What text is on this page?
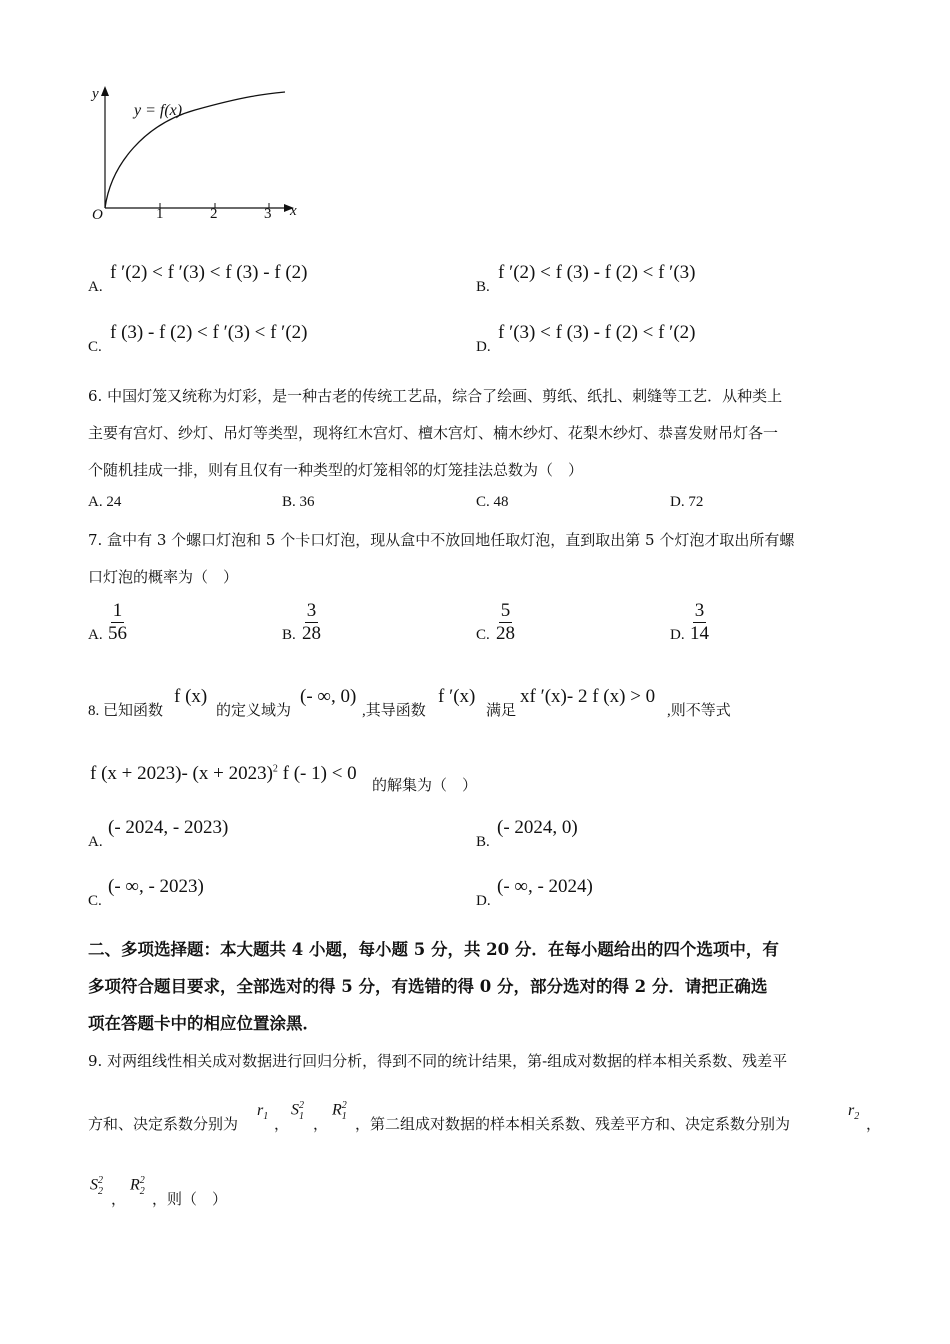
y
x
O
y = f(x)
1	2	3
A.
f ′(2) < f ′(3) < f (3) - f (2)
B.
f ′(2) < f (3) - f (2) < f ′(3)
C.
f (3) - f (2) < f ′(3) < f ′(2)
D.
f ′(3) < f (3) - f (2) < f ′(2)
6. 中国灯笼又统称为灯彩，是一种古老的传统工艺品，综合了绘画、剪纸、纸扎、刺缝等工艺．从种类上
主要有宫灯、纱灯、吊灯等类型，现将红木宫灯、檀木宫灯、楠木纱灯、花梨木纱灯、恭喜发财吊灯各一
个随机挂成一排，则有且仅有一种类型的灯笼相邻的灯笼挂法总数为（　）
A. 24	B. 36	C. 48	D. 72
7. 盒中有 3 个螺口灯泡和 5 个卡口灯泡，现从盒中不放回地任取灯泡，直到取出第 5 个灯泡才取出所有螺
口灯泡的概率为（　）
A. $\frac{1}{56}$	B. $\frac{3}{28}$	C. $\frac{5}{28}$	D. $\frac{3}{14}$
8. 已知函数
f (x)
的定义域为
(- ∞, 0)
,其导函数
f ′(x)
满足
xf ′(x)- 2 f (x) > 0
,则不等式
f (x + 2023)- $(x + 2023)^2$ f (- 1) < 0
的解集为（　）
A.
(- 2024, - 2023)
B.
(- 2024, 0)
C.
(- ∞, - 2023)
D.
(- ∞, - 2024)
二、多项选择题：本大题共 4 小题，每小题 5 分，共 20 分．在每小题给出的四个选项中，有
多项符合题目要求，全部选对的得 5 分，有选错的得 0 分，部分选对的得 2 分．请把正确选
项在答题卡中的相应位置涂黑．
9. 对两组线性相关成对数据进行回归分析，得到不同的统计结果，第-组成对数据的样本相关系数、残差平
方和、决定系数分别为
$r_1$
，
$S^2_1$
，
$R^2_1$
，第二组成对数据的样本相关系数、残差平方和、决定系数分别为
$r_2$
，
$S^2_2$
，
$R^2_2$
，则（　）
